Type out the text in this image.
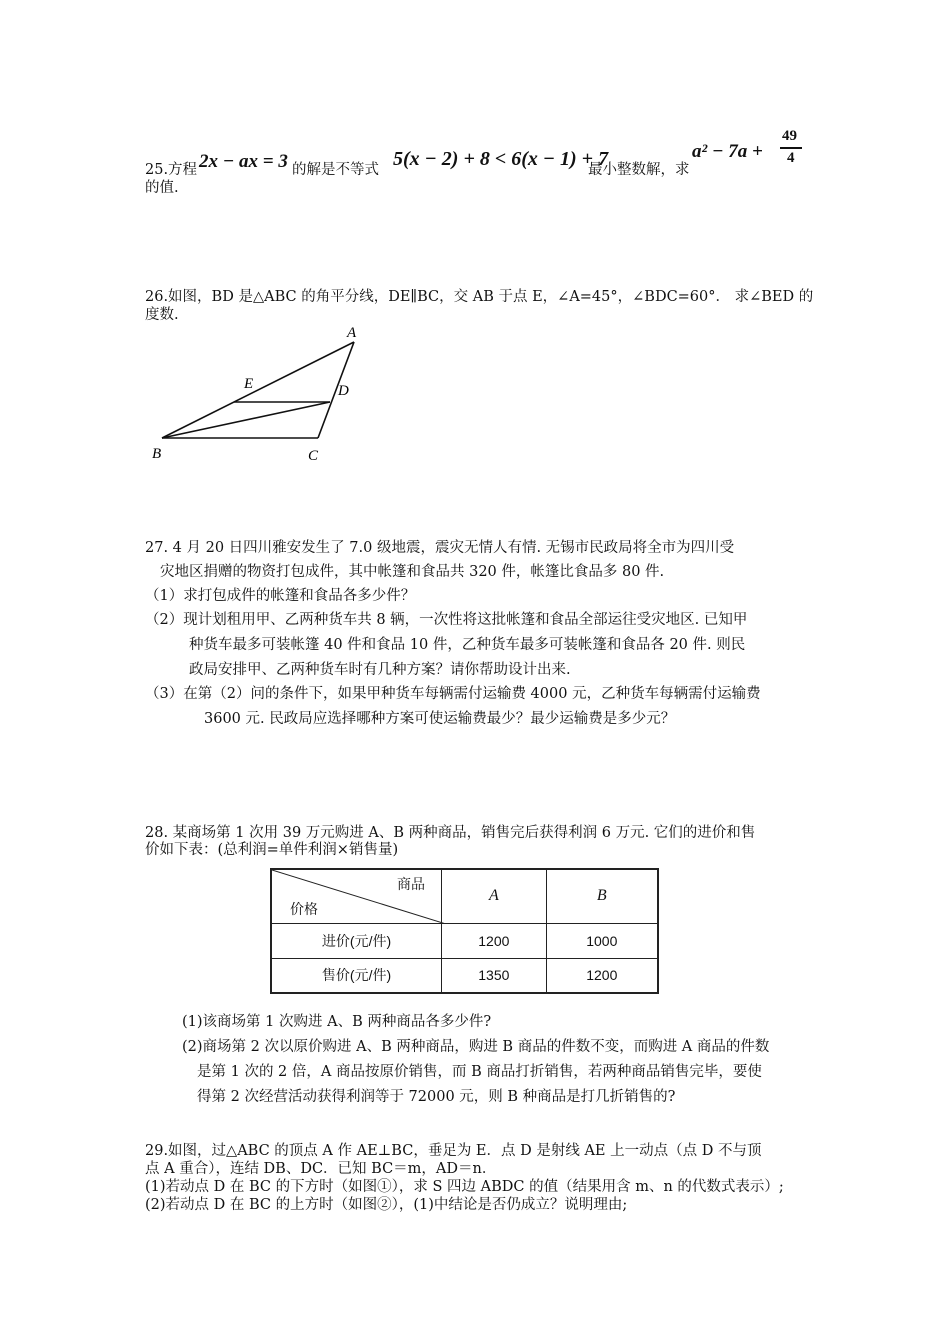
25.方程 2x − ax = 3 的解是不等式 5(x − 2) + 8 < 6(x − 1) + 7
最小整数解，求
a² − 7a +
49
4
的值.
26.如图，BD 是△ABC 的角平分线，DE∥BC，交 AB 于点 E，∠A=45°，∠BDC=60°． 求∠BED 的
度数.
A
E	D
B	C
27. 4 月 20 日四川雅安发生了 7.0 级地震，震灾无情人有情. 无锡市民政局将全市为四川受
灾地区捐赠的物资打包成件，其中帐篷和食品共 320 件，帐篷比食品多 80 件.
（1）求打包成件的帐篷和食品各多少件？
（2）现计划租用甲、乙两种货车共 8 辆，一次性将这批帐篷和食品全部运往受灾地区. 已知甲
种货车最多可装帐篷 40 件和食品 10 件，乙种货车最多可装帐篷和食品各 20 件. 则民
政局安排甲、乙两种货车时有几种方案？请你帮助设计出来.
（3）在第（2）问的条件下，如果甲种货车每辆需付运输费 4000 元，乙种货车每辆需付运输费
3600 元. 民政局应选择哪种方案可使运输费最少？最少运输费是多少元？
28. 某商场第 1 次用 39 万元购进 A、B 两种商品，销售完后获得利润 6 万元. 它们的进价和售
价如下表：(总利润=单件利润×销售量)
商品
价格	A	B
进价(元/件)	1200	1000
售价(元/件)	1350	1200
(1)该商场第 1 次购进 A、B 两种商品各多少件?
(2)商场第 2 次以原价购进 A、B 两种商品，购进 B 商品的件数不变，而购进 A 商品的件数
是第 1 次的 2 倍，A 商品按原价销售，而 B 商品打折销售，若两种商品销售完毕，要使
得第 2 次经营活动获得利润等于 72000 元，则 B 种商品是打几折销售的?
29.如图，过△ABC 的顶点 A 作 AE⊥BC，垂足为 E．点 D 是射线 AE 上一动点（点 D 不与顶
点 A 重合），连结 DB、DC．已知 BC＝m，AD＝n．
(1)若动点 D 在 BC 的下方时（如图①），求 S 四边 ABDC 的值（结果用含 m、n 的代数式表示）;
(2)若动点 D 在 BC 的上方时（如图②），(1)中结论是否仍成立？说明理由;
